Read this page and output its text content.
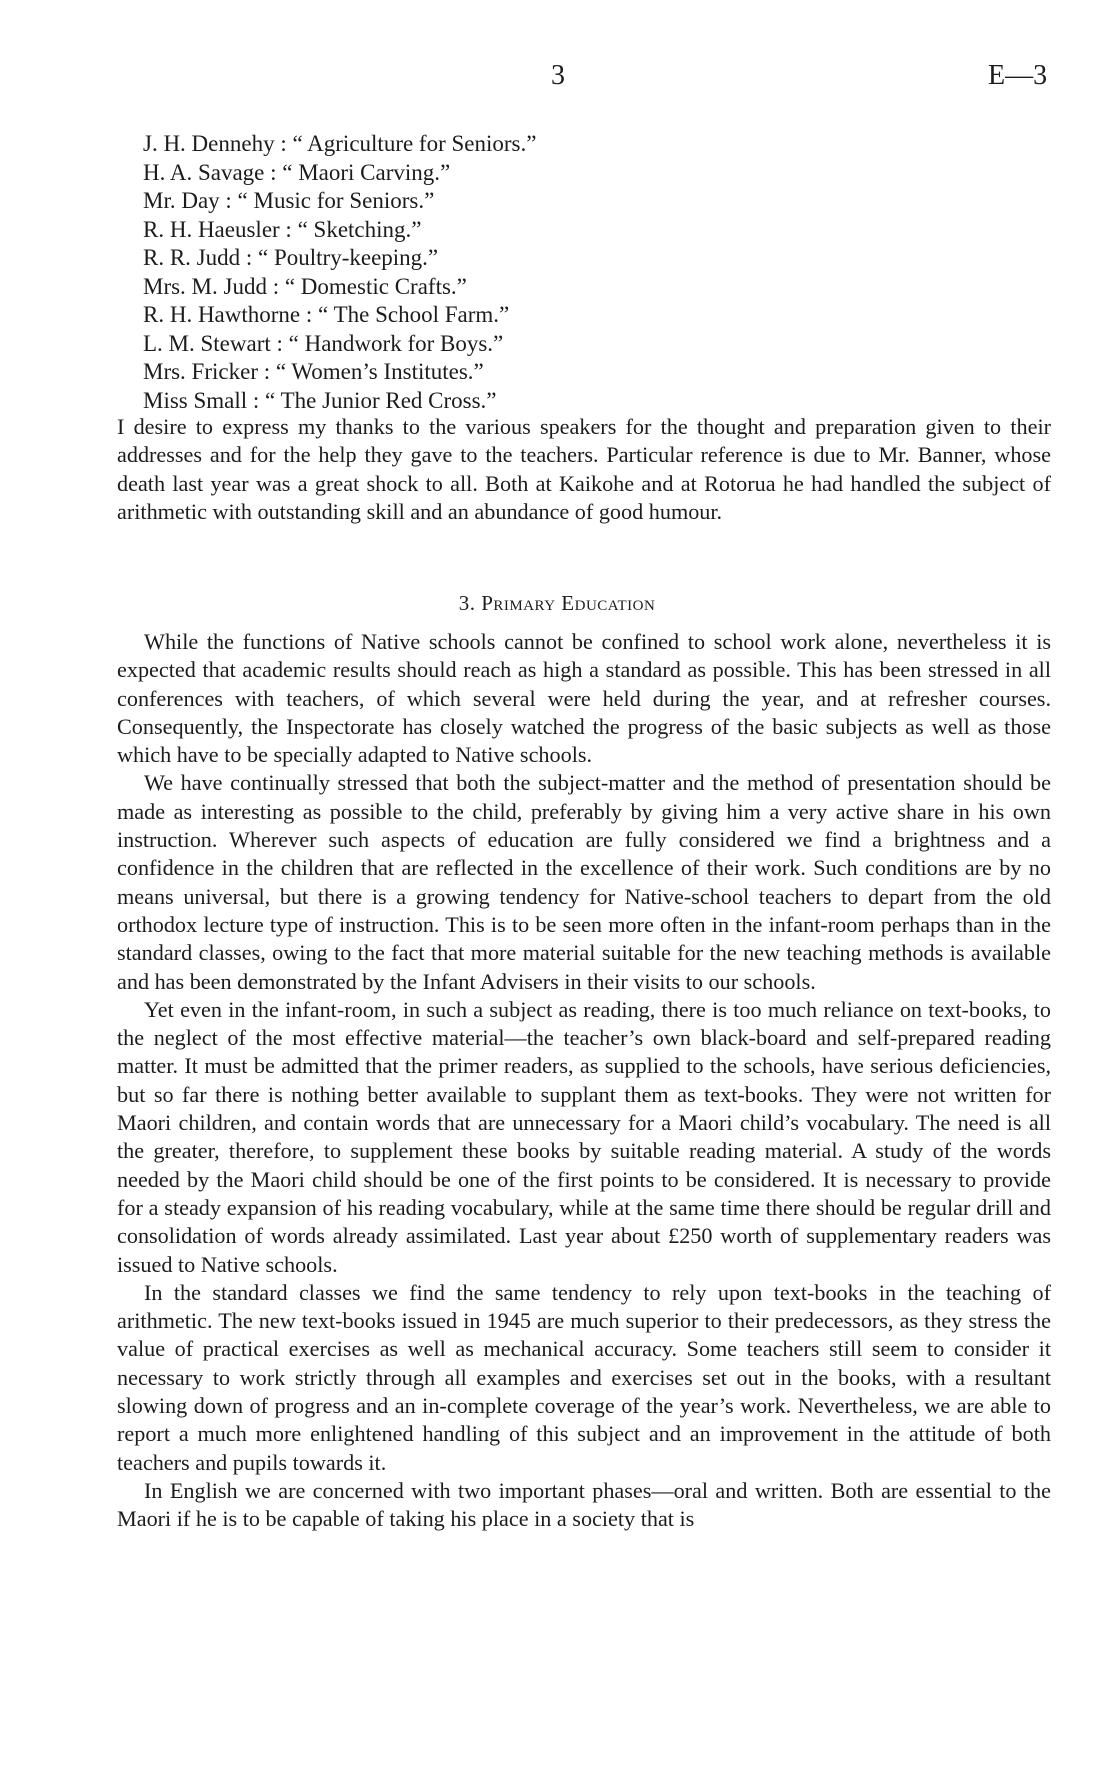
3	E—3
J. H. Dennehy : “ Agriculture for Seniors.”
H. A. Savage : “ Maori Carving.”
Mr. Day : “ Music for Seniors.”
R. H. Haeusler : “ Sketching.”
R. R. Judd : “ Poultry-keeping.”
Mrs. M. Judd : “ Domestic Crafts.”
R. H. Hawthorne : “ The School Farm.”
L. M. Stewart : “ Handwork for Boys.”
Mrs. Fricker : “ Women’s Institutes.”
Miss Small : “ The Junior Red Cross.”

I desire to express my thanks to the various speakers for the thought and preparation given to their addresses and for the help they gave to the teachers. Particular reference is due to Mr. Banner, whose death last year was a great shock to all. Both at Kaikohe and at Rotorua he had handled the subject of arithmetic with outstanding skill and an abundance of good humour.

3. Primary Education

While the functions of Native schools cannot be confined to school work alone, nevertheless it is expected that academic results should reach as high a standard as possible. This has been stressed in all conferences with teachers, of which several were held during the year, and at refresher courses. Consequently, the Inspectorate has closely watched the progress of the basic subjects as well as those which have to be specially adapted to Native schools.

We have continually stressed that both the subject-matter and the method of presentation should be made as interesting as possible to the child, preferably by giving him a very active share in his own instruction. Wherever such aspects of education are fully considered we find a brightness and a confidence in the children that are reflected in the excellence of their work. Such conditions are by no means universal, but there is a growing tendency for Native-school teachers to depart from the old orthodox lecture type of instruction. This is to be seen more often in the infant-room perhaps than in the standard classes, owing to the fact that more material suitable for the new teaching methods is available and has been demonstrated by the Infant Advisers in their visits to our schools.

Yet even in the infant-room, in such a subject as reading, there is too much reliance on text-books, to the neglect of the most effective material—the teacher’s own black-board and self-prepared reading matter. It must be admitted that the primer readers, as supplied to the schools, have serious deficiencies, but so far there is nothing better available to supplant them as text-books. They were not written for Maori children, and contain words that are unnecessary for a Maori child’s vocabulary. The need is all the greater, therefore, to supplement these books by suitable reading material. A study of the words needed by the Maori child should be one of the first points to be considered. It is necessary to provide for a steady expansion of his reading vocabulary, while at the same time there should be regular drill and consolidation of words already assimilated. Last year about £250 worth of supplementary readers was issued to Native schools.

In the standard classes we find the same tendency to rely upon text-books in the teaching of arithmetic. The new text-books issued in 1945 are much superior to their predecessors, as they stress the value of practical exercises as well as mechanical accuracy. Some teachers still seem to consider it necessary to work strictly through all examples and exercises set out in the books, with a resultant slowing down of progress and an in-complete coverage of the year’s work. Nevertheless, we are able to report a much more enlightened handling of this subject and an improvement in the attitude of both teachers and pupils towards it.

In English we are concerned with two important phases—oral and written. Both are essential to the Maori if he is to be capable of taking his place in a society that is
